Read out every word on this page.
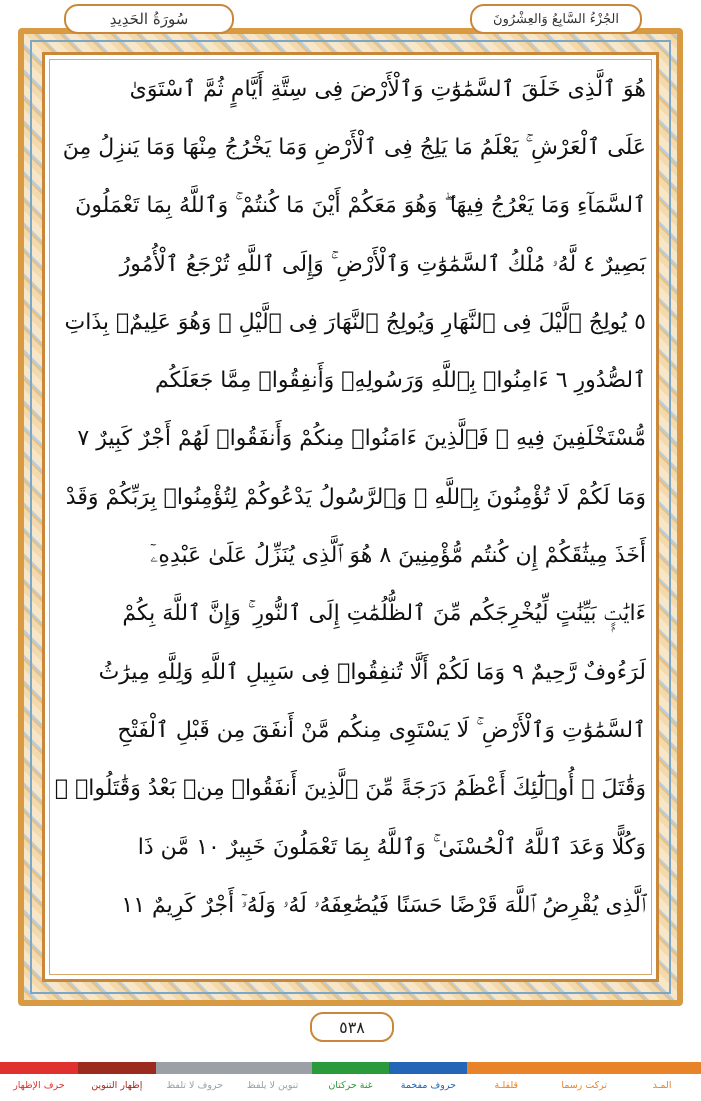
سُورَةُ الحَدِيدِ	الجُزْءُ السَّابِعُ وَالعِشْرُونَ
هُوَ ٱلَّذِى خَلَقَ ٱلسَّمَٰوَٰتِ وَٱلْأَرْضَ فِى سِتَّةِ أَيَّامٍ ثُمَّ ٱسْتَوَىٰ
عَلَى ٱلْعَرْشِ ۚ يَعْلَمُ مَا يَلِجُ فِى ٱلْأَرْضِ وَمَا يَخْرُجُ مِنْهَا وَمَا يَنزِلُ مِنَ
ٱلسَّمَآءِ وَمَا يَعْرُجُ فِيهَا ۖ وَهُوَ مَعَكُمْ أَيْنَ مَا كُنتُمْ ۚ وَٱللَّهُ بِمَا تَعْمَلُونَ
بَصِيرٌ ٤ لَّهُۥ مُلْكُ ٱلسَّمَٰوَٰتِ وَٱلْأَرْضِ ۚ وَإِلَى ٱللَّهِ تُرْجَعُ ٱلْأُمُورُ
٥ يُولِجُ ٱلَّيْلَ فِى ٱلنَّهَارِ وَيُولِجُ ٱلنَّهَارَ فِى ٱلَّيْلِ ۚ وَهُوَ عَلِيمٌۢ بِذَاتِ
ٱلصُّدُورِ ٦ ءَامِنُوا۟ بِٱللَّهِ وَرَسُولِهِۦ وَأَنفِقُوا۟ مِمَّا جَعَلَكُم
مُّسْتَخْلَفِينَ فِيهِ ۖ فَٱلَّذِينَ ءَامَنُوا۟ مِنكُمْ وَأَنفَقُوا۟ لَهُمْ أَجْرٌ كَبِيرٌ ٧
وَمَا لَكُمْ لَا تُؤْمِنُونَ بِٱللَّهِ ۙ وَٱلرَّسُولُ يَدْعُوكُمْ لِتُؤْمِنُوا۟ بِرَبِّكُمْ وَقَدْ
أَخَذَ مِيثَٰقَكُمْ إِن كُنتُم مُّؤْمِنِينَ ٨ هُوَ ٱلَّذِى يُنَزِّلُ عَلَىٰ عَبْدِهِۦٓ
ءَايَٰتٍۭ بَيِّنَٰتٍ لِّيُخْرِجَكُم مِّنَ ٱلظُّلُمَٰتِ إِلَى ٱلنُّورِ ۚ وَإِنَّ ٱللَّهَ بِكُمْ
لَرَءُوفٌ رَّحِيمٌ ٩ وَمَا لَكُمْ أَلَّا تُنفِقُوا۟ فِى سَبِيلِ ٱللَّهِ وَلِلَّهِ مِيرَٰثُ
ٱلسَّمَٰوَٰتِ وَٱلْأَرْضِ ۚ لَا يَسْتَوِى مِنكُم مَّنْ أَنفَقَ مِن قَبْلِ ٱلْفَتْحِ
وَقَٰتَلَ ۚ أُو۟لَٰٓئِكَ أَعْظَمُ دَرَجَةً مِّنَ ٱلَّذِينَ أَنفَقُوا۟ مِنۢ بَعْدُ وَقَٰتَلُوا۟ ۚ
وَكُلًّا وَعَدَ ٱللَّهُ ٱلْحُسْنَىٰ ۚ وَٱللَّهُ بِمَا تَعْمَلُونَ خَبِيرٌ ١٠ مَّن ذَا
ٱلَّذِى يُقْرِضُ ٱللَّهَ قَرْضًا حَسَنًا فَيُضَٰعِفَهُۥ لَهُۥ وَلَهُۥٓ أَجْرٌ كَرِيمٌ ١١
٥٣٨
المـد
تركت رسما
قلقلـة
حروف مفخمة
غنة حركتان
تنوين لا يلفظ
حروف لا تلفظ
إظهار التنوين
حرف الإظهار
